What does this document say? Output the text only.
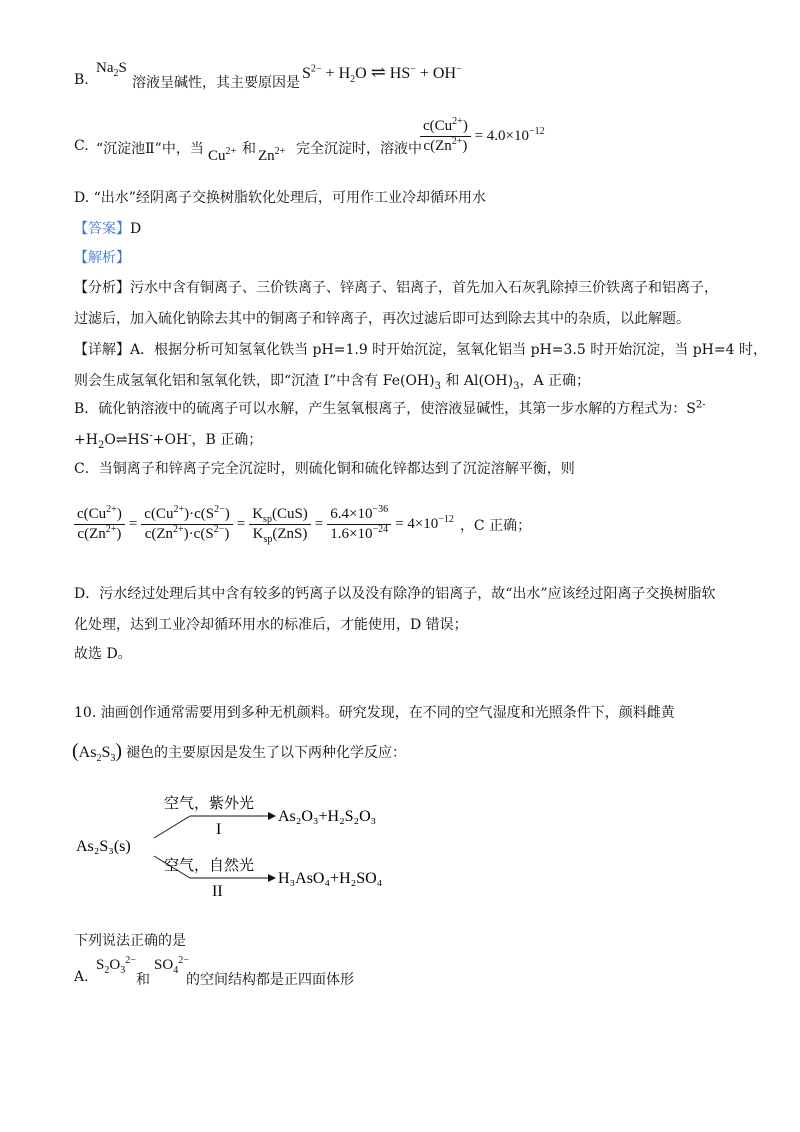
B.
$Na_2S$
溶液呈碱性，其主要原因是
$S^{2-} + H_2O$ ⇌ HS− + OH−
C. “沉淀池Ⅱ”中，当 $Cu^{2+}$ 和 $Zn^{2+}$ 完全沉淀时，溶液中
$\frac{c(Cu^{2+})}{c(Zn^{2+})} = 4.0\times 10^{-12}$
D. “出水”经阴离子交换树脂软化处理后，可用作工业冷却循环用水
【答案】D
【解析】
【分析】污水中含有铜离子、三价铁离子、锌离子、铝离子，首先加入石灰乳除掉三价铁离子和铝离子，
过滤后，加入硫化钠除去其中的铜离子和锌离子，再次过滤后即可达到除去其中的杂质，以此解题。
【详解】A．根据分析可知氢氧化铁当 pH=1.9 时开始沉淀，氢氧化铝当 pH=3.5 时开始沉淀，当 pH=4 时，
则会生成氢氧化铝和氢氧化铁，即“沉渣 I”中含有 $Fe(OH)_3$ 和 $Al(OH)_3$，A 正确；
B．硫化钠溶液中的硫离子可以水解，产生氢氧根离子，使溶液显碱性，其第一步水解的方程式为：$S^{2-}$
$+H_2O\rightleftharpoons HS^-+OH^-$，B 正确；
C．当铜离子和锌离子完全沉淀时，则硫化铜和硫化锌都达到了沉淀溶解平衡，则
$\frac{c(Cu^{2+})}{c(Zn^{2+})} = \frac{c(Cu^{2+})\cdot c(S^{2-})}{c(Zn^{2+})\cdot c(S^{2-})} = \frac{K_{sp}(CuS)}{K_{sp}(ZnS)} = \frac{6.4\times 10^{-36}}{1.6\times 10^{-24}} = 4\times 10^{-12}$ ，C 正确；
D．污水经过处理后其中含有较多的钙离子以及没有除净的铝离子，故“出水”应该经过阳离子交换树脂软
化处理，达到工业冷却循环用水的标准后，才能使用，D 错误；
故选 D。
10. 油画创作通常需要用到多种无机颜料。研究发现，在不同的空气湿度和光照条件下，颜料雌黄
$(As_2S_3)$ 褪色的主要原因是发生了以下两种化学反应：
As₂S₃(s)
空气，紫外光
I
As₂O₃+H₂S₂O₃
空气，自然光
II
H₃AsO₄+H₂SO₄
下列说法正确的是
A.
$S_2O_3^{2-}$
和
$SO_4^{2-}$
的空间结构都是正四面体形
